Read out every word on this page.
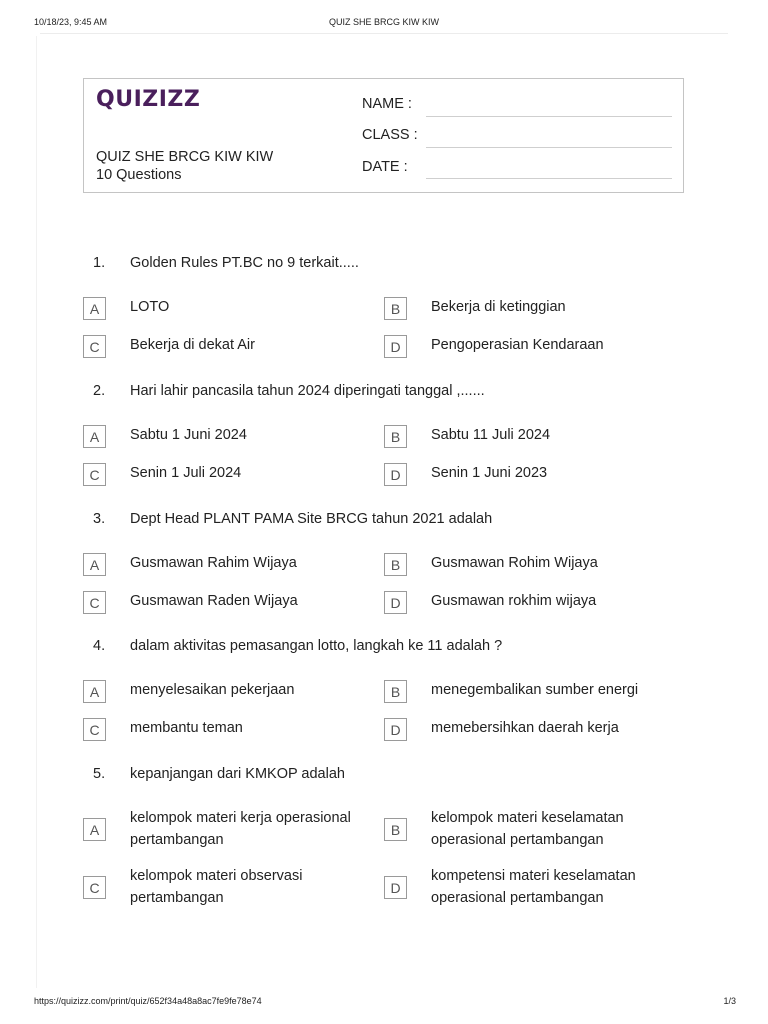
10/18/23, 9:45 AM	QUIZ SHE BRCG KIW KIW
QUIZIZZ
QUIZ SHE BRCG KIW KIW
10 Questions
NAME :
CLASS :
DATE :
1. Golden Rules PT.BC no 9 terkait.....
A	LOTO	B	Bekerja di ketinggian
C	Bekerja di dekat Air	D	Pengoperasian Kendaraan
2. Hari lahir pancasila tahun 2024 diperingati tanggal ,......
A	Sabtu 1 Juni 2024	B	Sabtu 11 Juli 2024
C	Senin 1 Juli 2024	D	Senin 1 Juni 2023
3. Dept Head PLANT PAMA Site BRCG tahun 2021 adalah
A	Gusmawan Rahim Wijaya	B	Gusmawan Rohim Wijaya
C	Gusmawan Raden Wijaya	D	Gusmawan rokhim wijaya
4. dalam aktivitas pemasangan lotto, langkah ke 11 adalah ?
A	menyelesaikan pekerjaan	B	menegembalikan sumber energi
C	membantu teman	D	memebersihkan daerah kerja
5. kepanjangan dari KMKOP adalah
A
kelompok materi kerja operasional pertambangan
B
kelompok materi keselamatan operasional pertambangan
C
kelompok materi observasi pertambangan
D
kompetensi materi keselamatan operasional pertambangan
https://quizizz.com/print/quiz/652f34a48a8ac7fe9fe78e74	1/3
